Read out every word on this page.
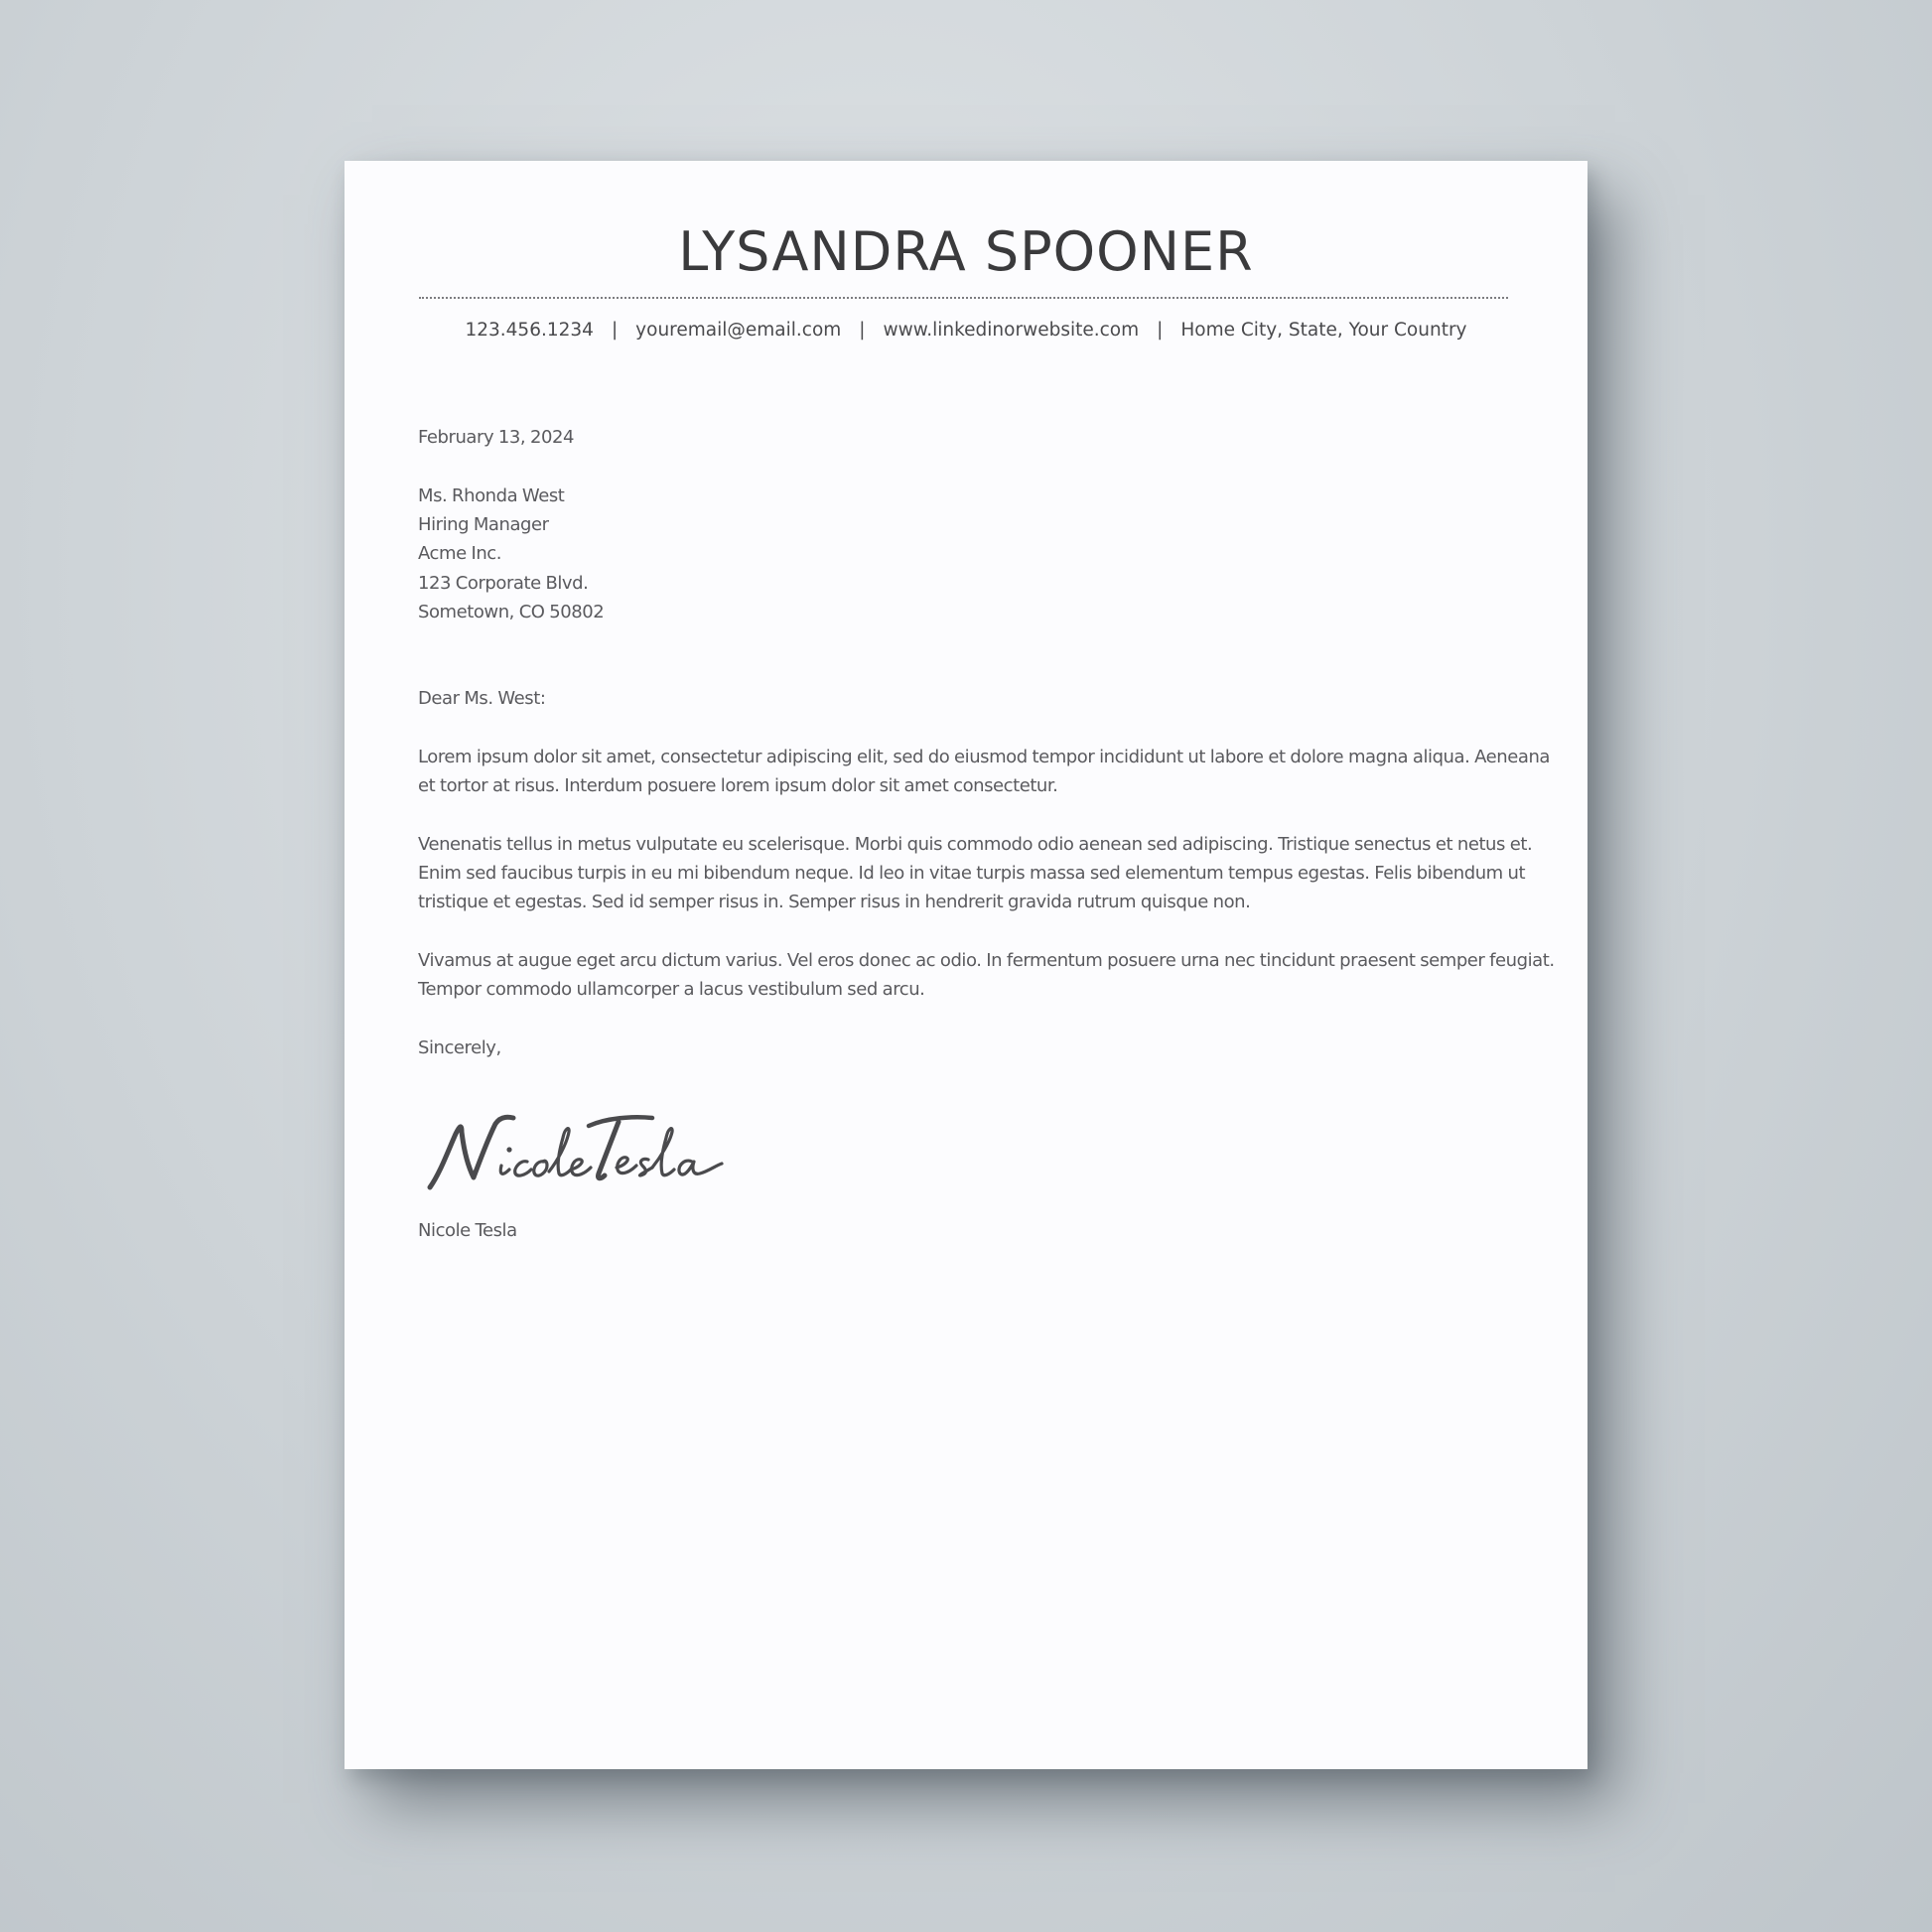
LYSANDRA SPOONER
123.456.1234 | youremail@email.com | www.linkedinorwebsite.com | Home City, State, Your Country
February 13, 2024
Ms. Rhonda West
Hiring Manager
Acme Inc.
123 Corporate Blvd.
Sometown, CO 50802
Dear Ms. West:
Lorem ipsum dolor sit amet, consectetur adipiscing elit, sed do eiusmod tempor incididunt ut labore et dolore magna aliqua. Aeneana
et tortor at risus. Interdum posuere lorem ipsum dolor sit amet consectetur.
Venenatis tellus in metus vulputate eu scelerisque. Morbi quis commodo odio aenean sed adipiscing. Tristique senectus et netus et.
Enim sed faucibus turpis in eu mi bibendum neque. Id leo in vitae turpis massa sed elementum tempus egestas. Felis bibendum ut
tristique et egestas. Sed id semper risus in. Semper risus in hendrerit gravida rutrum quisque non.
Vivamus at augue eget arcu dictum varius. Vel eros donec ac odio. In fermentum posuere urna nec tincidunt praesent semper feugiat.
Tempor commodo ullamcorper a lacus vestibulum sed arcu.
Sincerely,
Nicole Tesla
